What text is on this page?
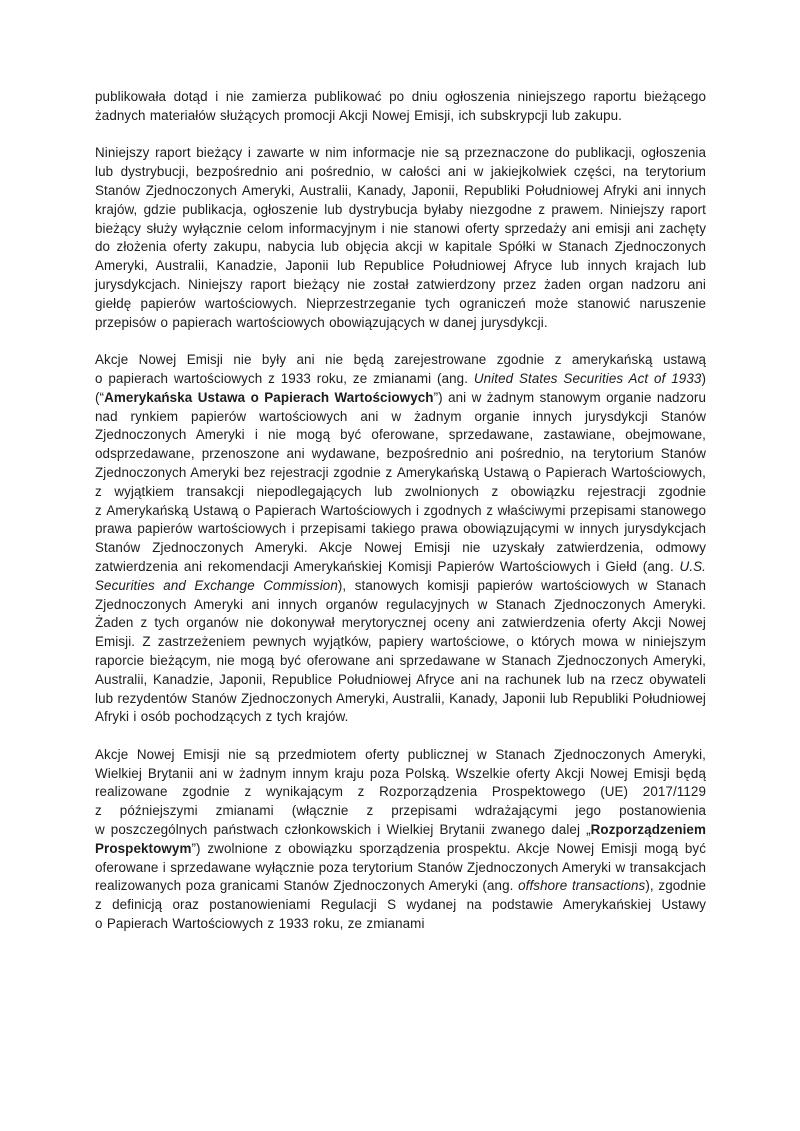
publikowała dotąd i nie zamierza publikować po dniu ogłoszenia niniejszego raportu bieżącego żadnych materiałów służących promocji Akcji Nowej Emisji, ich subskrypcji lub zakupu.

Niniejszy raport bieżący i zawarte w nim informacje nie są przeznaczone do publikacji, ogłoszenia lub dystrybucji, bezpośrednio ani pośrednio, w całości ani w jakiejkolwiek części, na terytorium Stanów Zjednoczonych Ameryki, Australii, Kanady, Japonii, Republiki Południowej Afryki ani innych krajów, gdzie publikacja, ogłoszenie lub dystrybucja byłaby niezgodne z prawem. Niniejszy raport bieżący służy wyłącznie celom informacyjnym i nie stanowi oferty sprzedaży ani emisji ani zachęty do złożenia oferty zakupu, nabycia lub objęcia akcji w kapitale Spółki w Stanach Zjednoczonych Ameryki, Australii, Kanadzie, Japonii lub Republice Południowej Afryce lub innych krajach lub jurysdykcjach. Niniejszy raport bieżący nie został zatwierdzony przez żaden organ nadzoru ani giełdę papierów wartościowych. Nieprzestrzeganie tych ograniczeń może stanowić naruszenie przepisów o papierach wartościowych obowiązujących w danej jurysdykcji.

Akcje Nowej Emisji nie były ani nie będą zarejestrowane zgodnie z amerykańską ustawą o papierach wartościowych z 1933 roku, ze zmianami (ang. United States Securities Act of 1933) (“Amerykańska Ustawa o Papierach Wartościowych”) ani w żadnym stanowym organie nadzoru nad rynkiem papierów wartościowych ani w żadnym organie innych jurysdykcji Stanów Zjednoczonych Ameryki i nie mogą być oferowane, sprzedawane, zastawiane, obejmowane, odsprzedawane, przenoszone ani wydawane, bezpośrednio ani pośrednio, na terytorium Stanów Zjednoczonych Ameryki bez rejestracji zgodnie z Amerykańską Ustawą o Papierach Wartościowych, z wyjątkiem transakcji niepodlegających lub zwolnionych z obowiązku rejestracji zgodnie z Amerykańską Ustawą o Papierach Wartościowych i zgodnych z właściwymi przepisami stanowego prawa papierów wartościowych i przepisami takiego prawa obowiązującymi w innych jurysdykcjach Stanów Zjednoczonych Ameryki. Akcje Nowej Emisji nie uzyskały zatwierdzenia, odmowy zatwierdzenia ani rekomendacji Amerykańskiej Komisji Papierów Wartościowych i Giełd (ang. U.S. Securities and Exchange Commission), stanowych komisji papierów wartościowych w Stanach Zjednoczonych Ameryki ani innych organów regulacyjnych w Stanach Zjednoczonych Ameryki. Żaden z tych organów nie dokonywał merytorycznej oceny ani zatwierdzenia oferty Akcji Nowej Emisji. Z zastrzeżeniem pewnych wyjątków, papiery wartościowe, o których mowa w niniejszym raporcie bieżącym, nie mogą być oferowane ani sprzedawane w Stanach Zjednoczonych Ameryki, Australii, Kanadzie, Japonii, Republice Południowej Afryce ani na rachunek lub na rzecz obywateli lub rezydentów Stanów Zjednoczonych Ameryki, Australii, Kanady, Japonii lub Republiki Południowej Afryki i osób pochodzących z tych krajów.

Akcje Nowej Emisji nie są przedmiotem oferty publicznej w Stanach Zjednoczonych Ameryki, Wielkiej Brytanii ani w żadnym innym kraju poza Polską. Wszelkie oferty Akcji Nowej Emisji będą realizowane zgodnie z wynikającym z Rozporządzenia Prospektowego (UE) 2017/1129 z późniejszymi zmianami (włącznie z przepisami wdrażającymi jego postanowienia w poszczególnych państwach członkowskich i Wielkiej Brytanii zwanego dalej „Rozporządzeniem Prospektowym”) zwolnione z obowiązku sporządzenia prospektu. Akcje Nowej Emisji mogą być oferowane i sprzedawane wyłącznie poza terytorium Stanów Zjednoczonych Ameryki w transakcjach realizowanych poza granicami Stanów Zjednoczonych Ameryki (ang. offshore transactions), zgodnie z definicją oraz postanowieniami Regulacji S wydanej na podstawie Amerykańskiej Ustawy o Papierach Wartościowych z 1933 roku, ze zmianami
